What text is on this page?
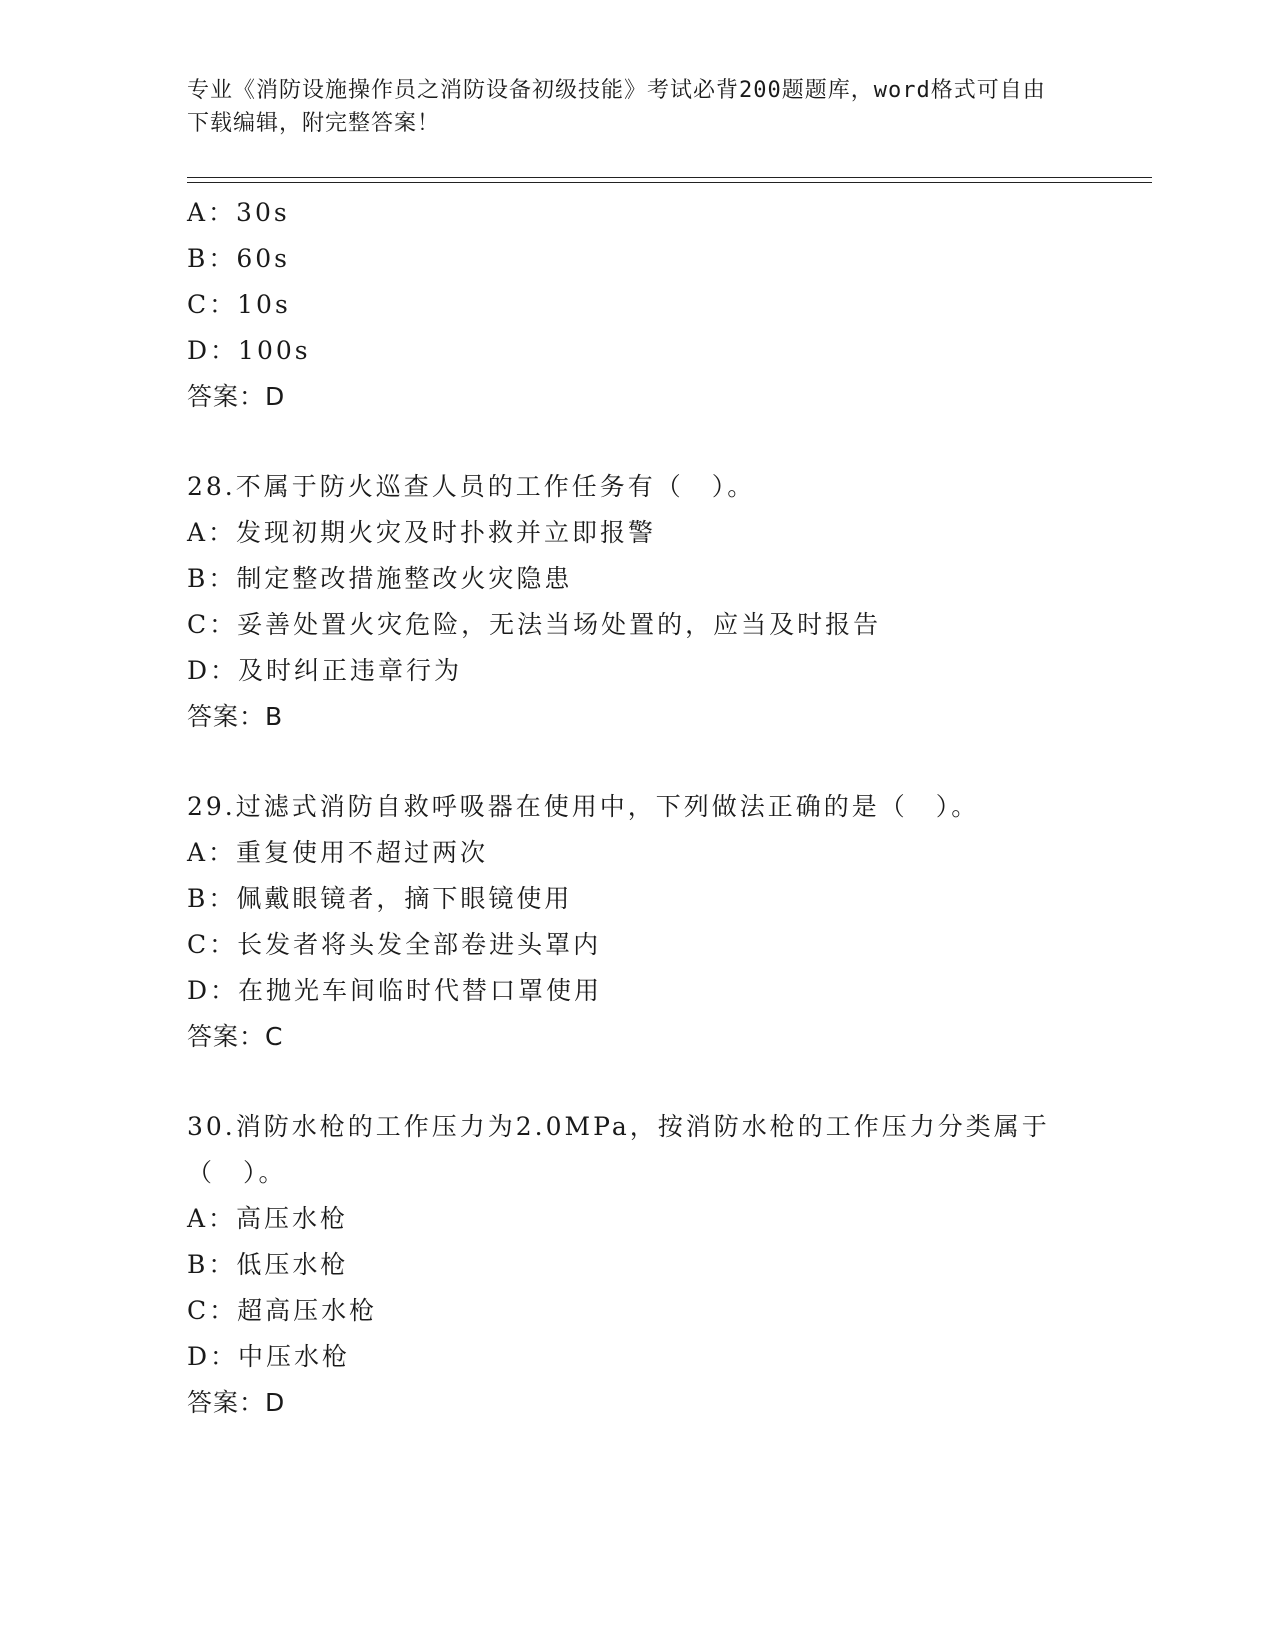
专业《消防设施操作员之消防设备初级技能》考试必背200题题库，word格式可自由下载编辑，附完整答案！
A：30s
B：60s
C：10s
D：100s
答案：D
28.不属于防火巡查人员的工作任务有（　）。
A：发现初期火灾及时扑救并立即报警
B：制定整改措施整改火灾隐患
C：妥善处置火灾危险，无法当场处置的，应当及时报告
D：及时纠正违章行为
答案：B
29.过滤式消防自救呼吸器在使用中，下列做法正确的是（　）。
A：重复使用不超过两次
B：佩戴眼镜者，摘下眼镜使用
C：长发者将头发全部卷进头罩内
D：在抛光车间临时代替口罩使用
答案：C
30.消防水枪的工作压力为2.0MPa，按消防水枪的工作压力分类属于（　）。
A：高压水枪
B：低压水枪
C：超高压水枪
D：中压水枪
答案：D
